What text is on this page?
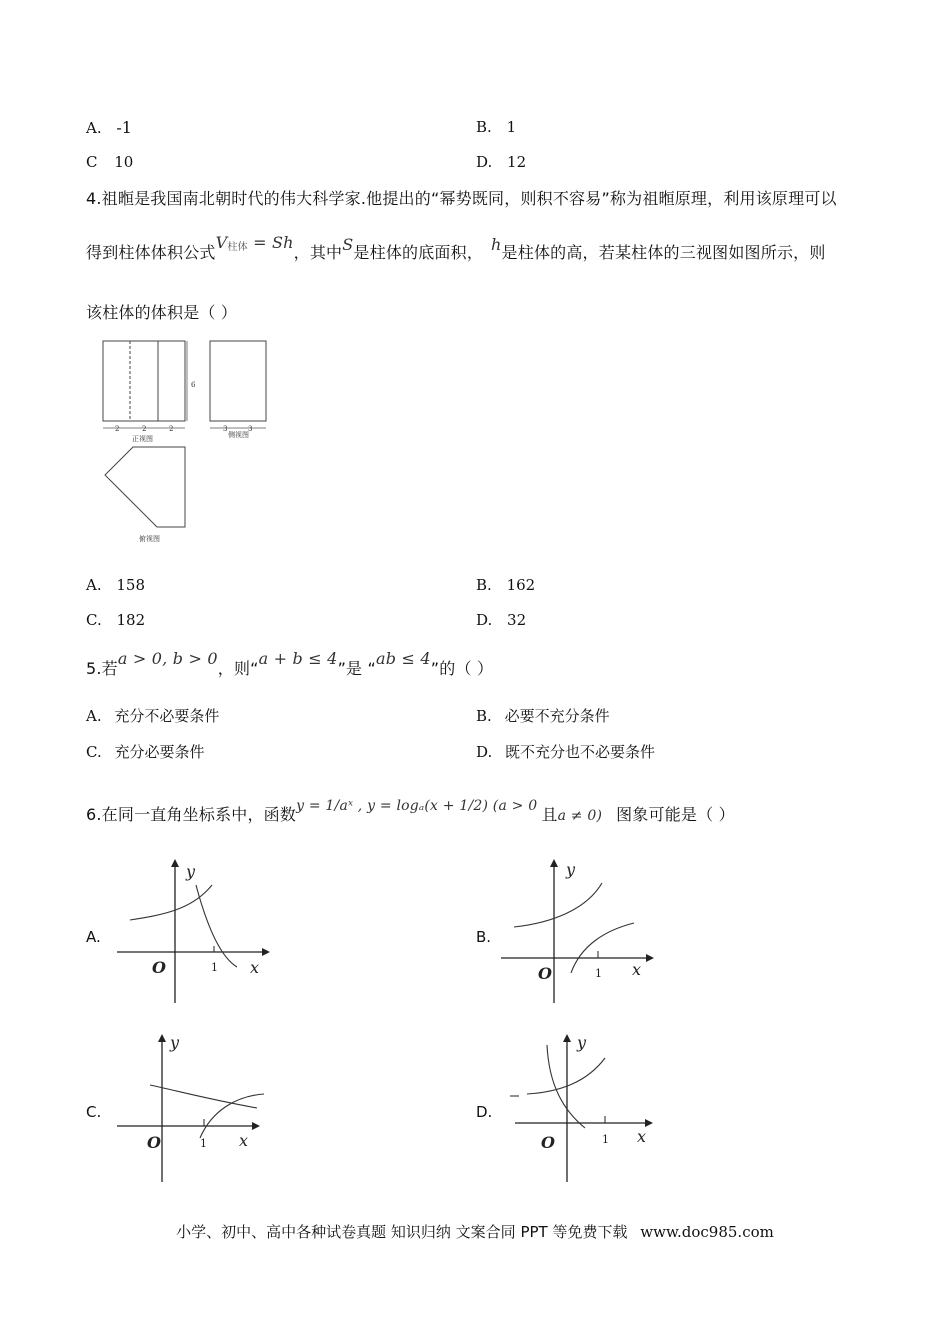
A. -1	B. 1
C 10	D. 12
4.祖暅是我国南北朝时代的伟大科学家.他提出的“幂势既同，则积不容易”称为祖暅原理，利用该原理可以
得到柱体体积公式$V_{柱体} = Sh$，其中S是柱体的底面积， h是柱体的高，若某柱体的三视图如图所示，则
该柱体的体积是（ ）
6
2	2	2
正视图
3	3
侧视图
俯视图
A. 158	B. 162
C. 182	D. 32
5.若a > 0, b > 0，则“a + b ≤ 4”是 “ab ≤ 4”的（ ）
A. 充分不必要条件	B. 必要不充分条件
C. 充分必要条件	D. 既不充分也不必要条件
6.在同一直角坐标系中，函数y = 1/aˣ , y = logₐ(x + 1/2) (a > 0 且a ≠ 0) 图象可能是（ ）
A.
y
O	1 x
B.
y
O	1 x
C.
y
O	1 x
D.
y
O	1 x
小学、初中、高中各种试卷真题 知识归纳 文案合同 PPT 等免费下载 www.doc985.com
